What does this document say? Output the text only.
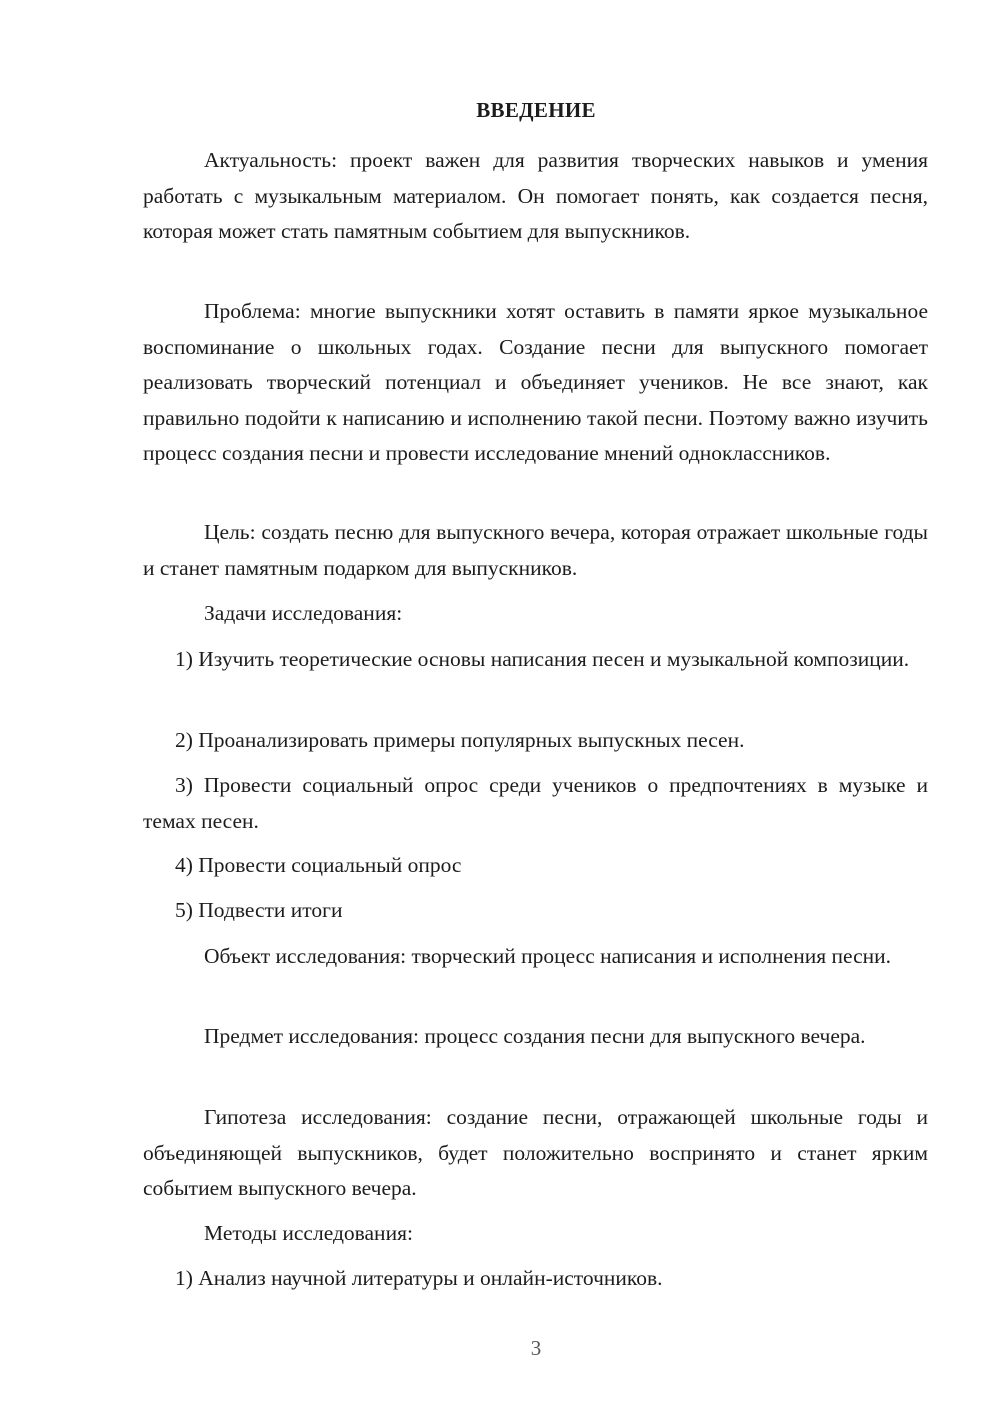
ВВЕДЕНИЕ

Актуальность: проект важен для развития творческих навыков и умения работать с музыкальным материалом. Он помогает понять, как создается песня, которая может стать памятным событием для выпускников.

Проблема: многие выпускники хотят оставить в памяти яркое музыкальное воспоминание о школьных годах. Создание песни для выпускного помогает реализовать творческий потенциал и объединяет учеников. Не все знают, как правильно подойти к написанию и исполнению такой песни. Поэтому важно изучить процесс создания песни и провести исследование мнений одноклассников.

Цель: создать песню для выпускного вечера, которая отражает школьные годы и станет памятным подарком для выпускников.

Задачи исследования:

1) Изучить теоретические основы написания песен и музыкальной композиции.

2) Проанализировать примеры популярных выпускных песен.

3) Провести социальный опрос среди учеников о предпочтениях в музыке и темах песен.

4) Провести социальный опрос

5) Подвести итоги

Объект исследования: творческий процесс написания и исполнения песни.

Предмет исследования: процесс создания песни для выпускного вечера.

Гипотеза исследования: создание песни, отражающей школьные годы и объединяющей выпускников, будет положительно воспринято и станет ярким событием выпускного вечера.

Методы исследования:

1) Анализ научной литературы и онлайн-источников.

3
